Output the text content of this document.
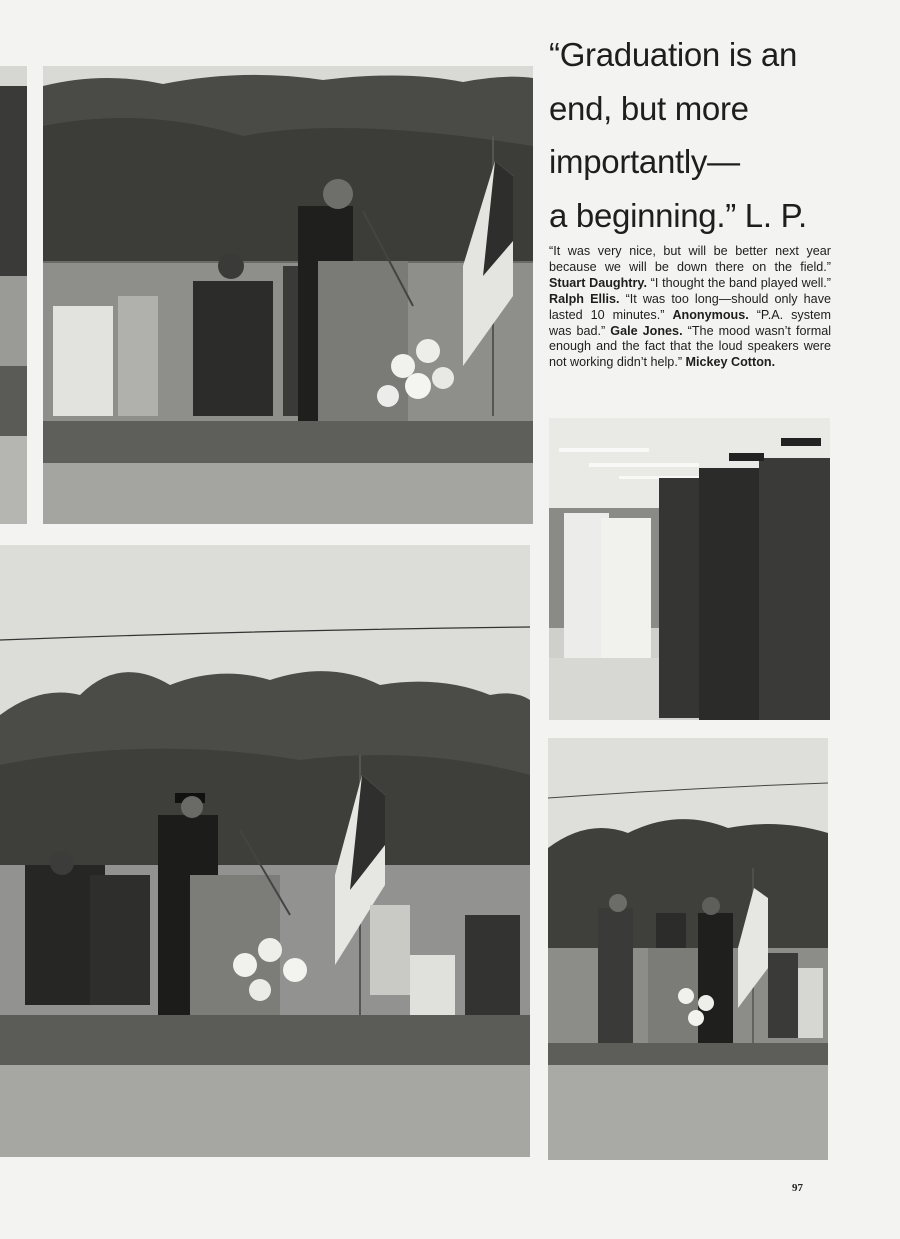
“Graduation is an
end, but more
importantly—
a beginning.” L. P.

“It was very nice, but will be better next year because we will be down there on the field.” Stuart Daughtry. “I thought the band played well.” Ralph Ellis. “It was too long—should only have lasted 10 minutes.” Anonymous. “P.A. system was bad.” Gale Jones. “The mood wasn’t formal enough and the fact that the loud speakers were not working didn’t help.” Mickey Cotton.

97
